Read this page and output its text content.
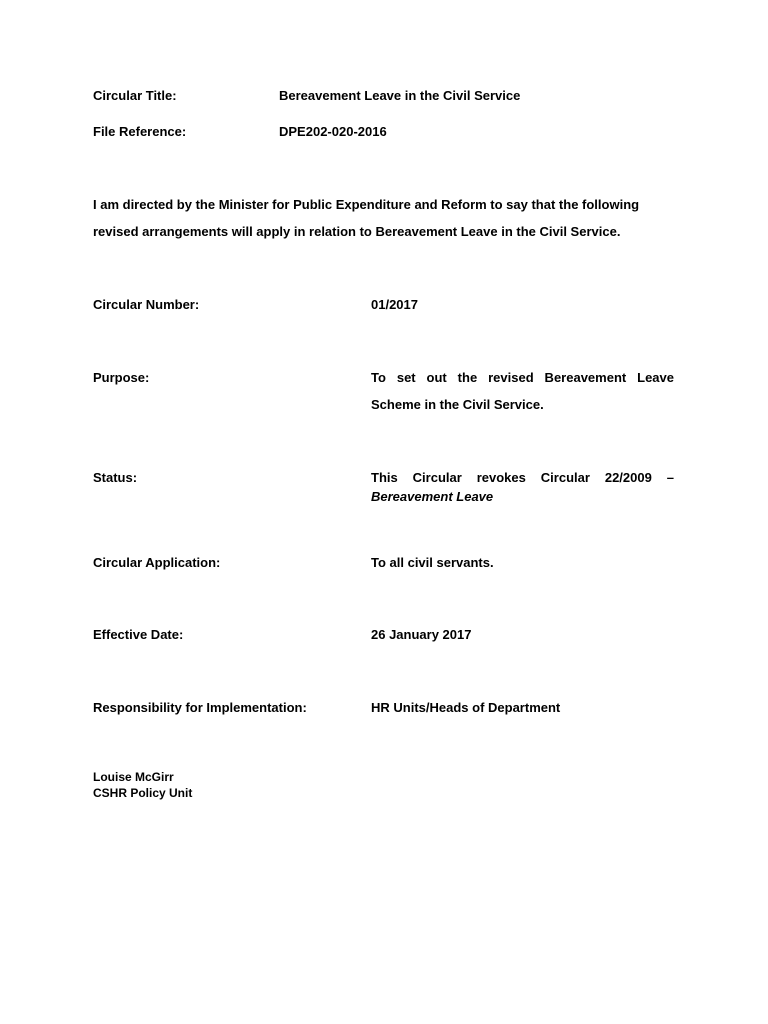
Circular Title:	Bereavement Leave in the Civil Service
File Reference:	DPE202-020-2016
I am directed by the Minister for Public Expenditure and Reform to say that the following
revised arrangements will apply in relation to Bereavement Leave in the Civil Service.
Circular Number:	01/2017
Purpose:	To set out the revised Bereavement Leave
Scheme in the Civil Service.
Status:	This Circular revokes Circular 22/2009 –
Bereavement Leave
Circular Application:	To all civil servants.
Effective Date:	26 January 2017
Responsibility for Implementation:	HR Units/Heads of Department
Louise McGirr
CSHR Policy Unit
